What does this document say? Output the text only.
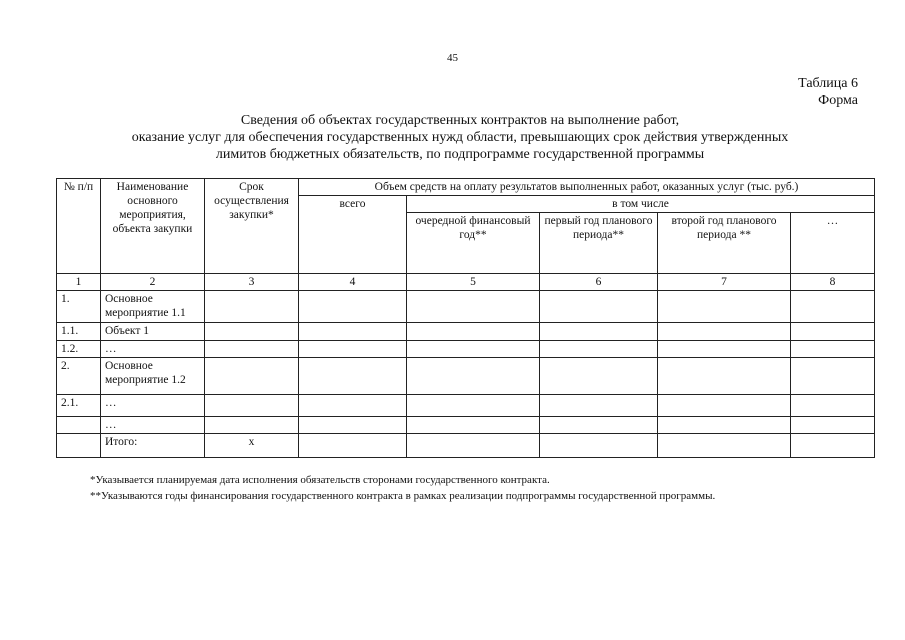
45
Таблица 6
Форма
Сведения об объектах государственных контрактов на выполнение работ,
оказание услуг для обеспечения государственных нужд области, превышающих срок действия утвержденных
лимитов бюджетных обязательств, по подпрограмме государственной программы
№ п/п	Наименование основного мероприятия, объекта закупки	Срок осуществления закупки*	Объем средств на оплату результатов выполненных работ, оказанных услуг (тыс. руб.)				
			всего	в том числе			
				очередной финансовый год**	первый год планового периода**	второй год планового периода **	…
1	2	3	4	5	6	7	8
1.	Основное мероприятие 1.1						
1.1.	Объект 1						
1.2.	…						
2.	Основное мероприятие 1.2						
2.1.	…						
	…						
	Итого:	x					
*Указывается планируемая дата исполнения обязательств сторонами государственного контракта.
**Указываются годы финансирования государственного контракта в рамках реализации подпрограммы государственной программы.
